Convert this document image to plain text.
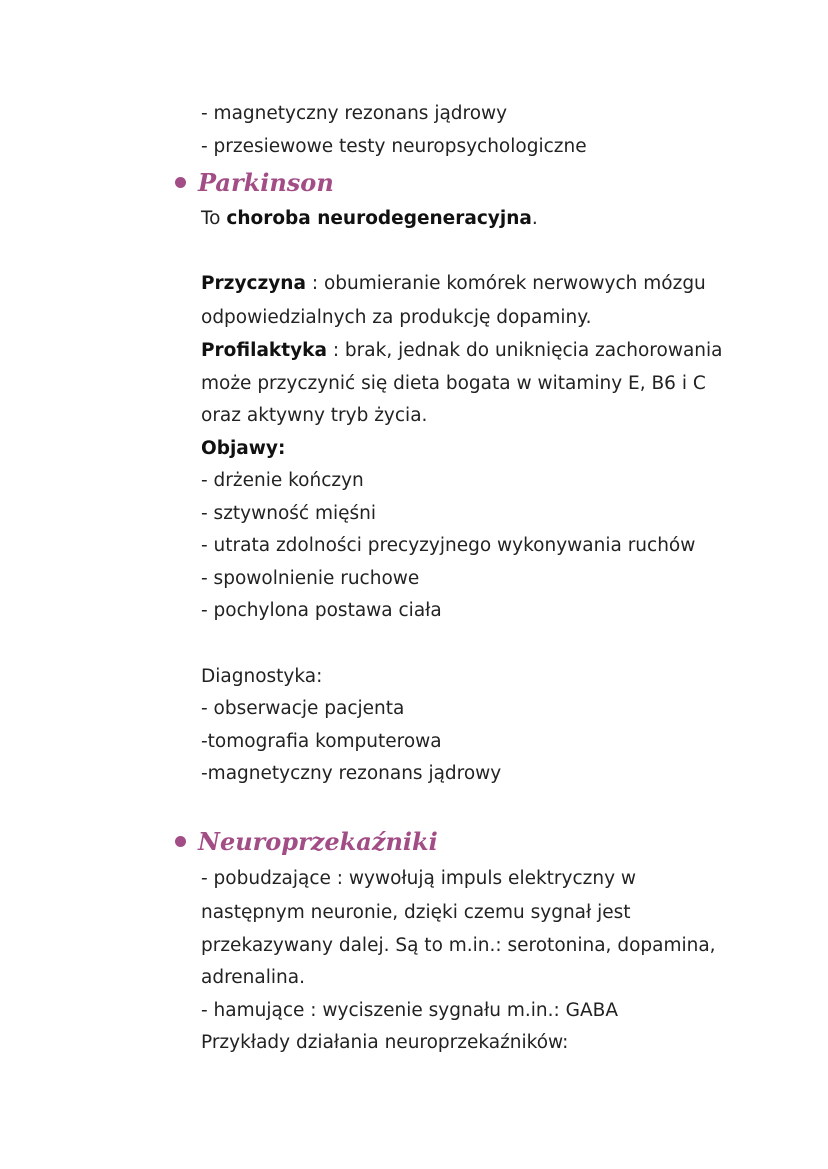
- magnetyczny rezonans jądrowy
- przesiewowe testy neuropsychologiczne
Parkinson
To choroba neurodegeneracyjna.
Przyczyna : obumieranie komórek nerwowych mózgu
odpowiedzialnych za produkcję dopaminy.
Profilaktyka : brak, jednak do uniknięcia zachorowania
może przyczynić się dieta bogata w witaminy E, B6 i C
oraz aktywny tryb życia.
Objawy:
- drżenie kończyn
- sztywność mięśni
- utrata zdolności precyzyjnego wykonywania ruchów
- spowolnienie ruchowe
- pochylona postawa ciała
Diagnostyka:
- obserwacje pacjenta
-tomografia komputerowa
-magnetyczny rezonans jądrowy
Neuroprzekaźniki
- pobudzające : wywołują impuls elektryczny w
następnym neuronie, dzięki czemu sygnał jest
przekazywany dalej. Są to m.in.: serotonina, dopamina,
adrenalina.
- hamujące : wyciszenie sygnału m.in.: GABA
Przykłady działania neuroprzekaźników:
